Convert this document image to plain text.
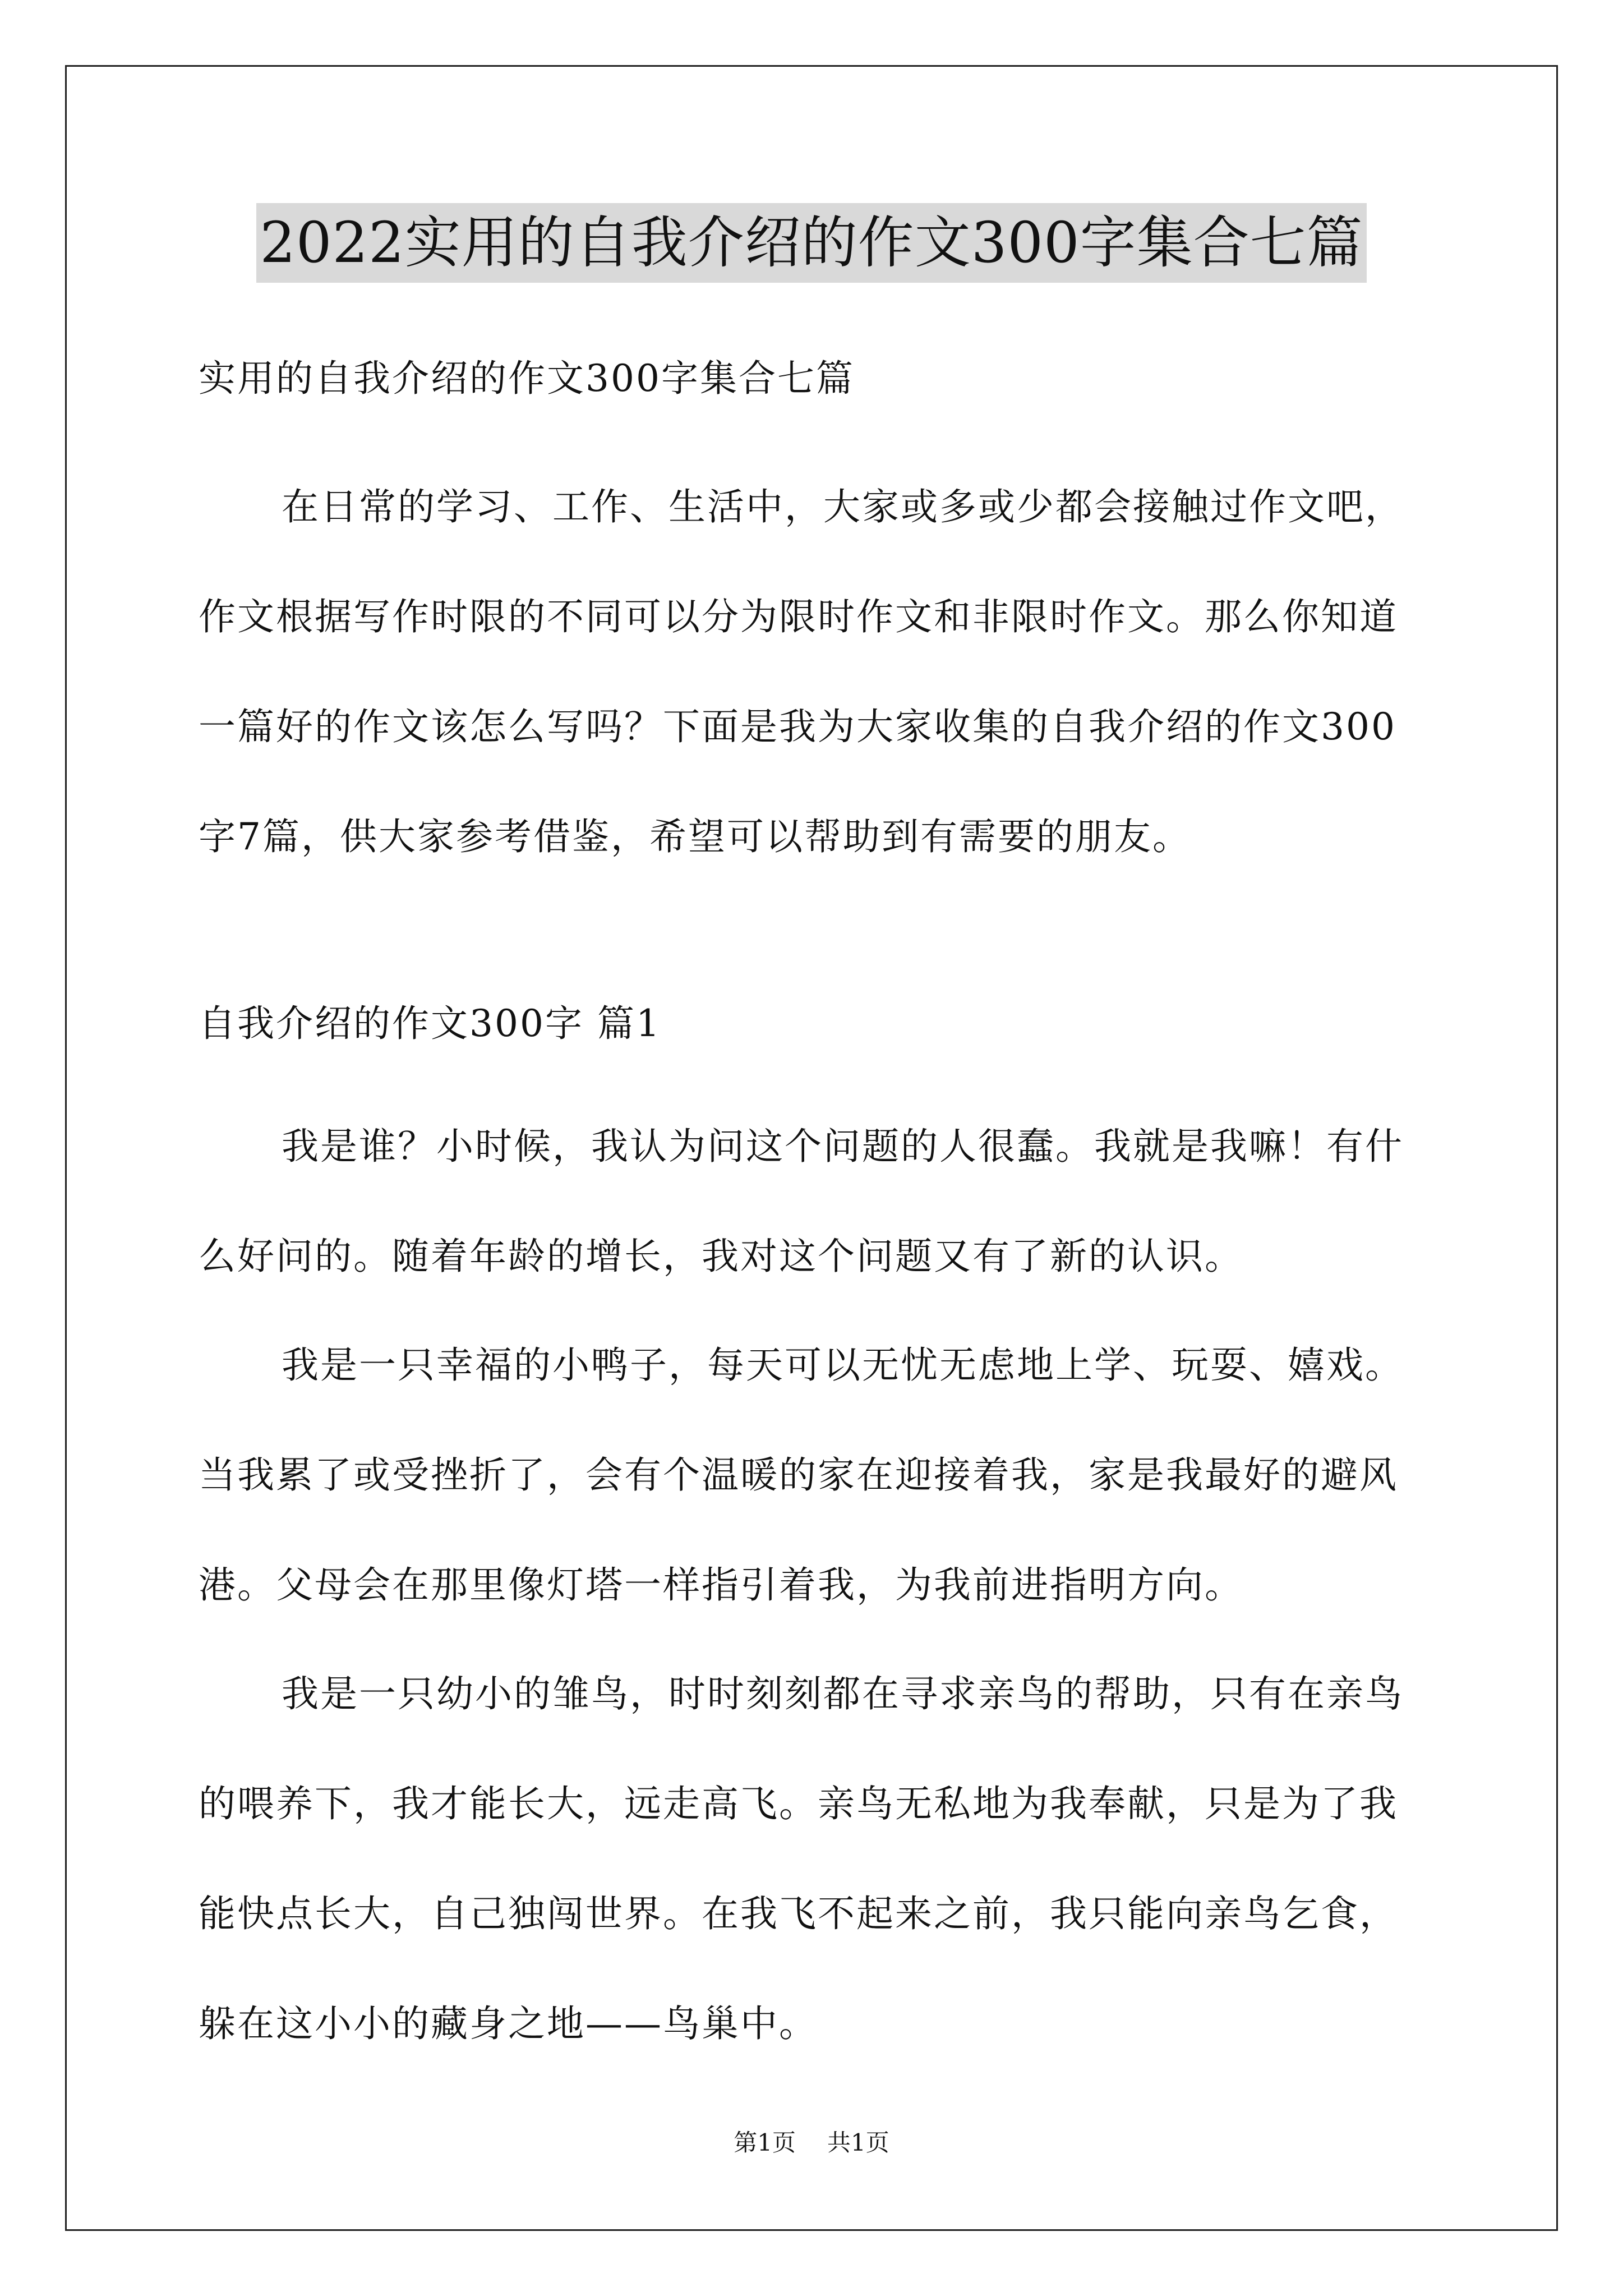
2022实用的自我介绍的作文300字集合七篇

实用的自我介绍的作文300字集合七篇

在日常的学习、工作、生活中，大家或多或少都会接触过作文吧，作文根据写作时限的不同可以分为限时作文和非限时作文。那么你知道一篇好的作文该怎么写吗？下面是我为大家收集的自我介绍的作文300字7篇，供大家参考借鉴，希望可以帮助到有需要的朋友。

自我介绍的作文300字 篇1

我是谁？小时候，我认为问这个问题的人很蠢。我就是我嘛！有什么好问的。随着年龄的增长，我对这个问题又有了新的认识。

我是一只幸福的小鸭子，每天可以无忧无虑地上学、玩耍、嬉戏。当我累了或受挫折了，会有个温暖的家在迎接着我，家是我最好的避风港。父母会在那里像灯塔一样指引着我，为我前进指明方向。

我是一只幼小的雏鸟，时时刻刻都在寻求亲鸟的帮助，只有在亲鸟的喂养下，我才能长大，远走高飞。亲鸟无私地为我奉献，只是为了我能快点长大，自己独闯世界。在我飞不起来之前，我只能向亲鸟乞食，躲在这小小的藏身之地——鸟巢中。

第1页 共1页
